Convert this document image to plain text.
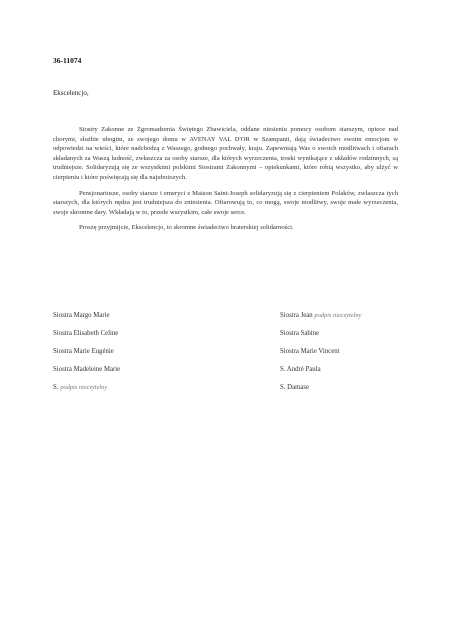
36-11074
Ekscelencjo,

Siostry Zakonne ze Zgromadzenia Świętego Zbawiciela, oddane niesieniu pomocy osobom starszym, opiece nad chorymi, służbie ubogim, ze swojego domu w AVENAY VAL D'OR w Szampanii, dają świadectwo swoim emocjom w odpowiedzi na wieści, które nadchodzą z Waszego, godnego pochwały, kraju. Zapewniają Was o swoich modlitwach i ofiarach składanych za Waszą ludność, zwłaszcza za osoby starsze, dla których wyrzeczenia, troski wynikające z układów rodzinnych, są trudniejsze. Solidaryzują się ze wszystkimi polskimi Siostrami Zakonnymi – opiekunkami, które robią wszystko, aby ulżyć w cierpieniu i które poświęcają się dla najuboższych.

Pensjonariusze, osoby starsze i emeryci z Maison Saint-Joseph solidaryzują się z cierpieniem Polaków, zwłaszcza tych starszych, dla których nędza jest trudniejsza do zniesienia. Ofiarowują to, co mogą, swoje modlitwy, swoje małe wyrzeczenia, swoje skromne dary. Wkładają w to, przede wszystkim, całe swoje serce.

Proszę przyjmijcie, Ekscelencjo, to skromne świadectwo braterskiej solidarności.

Siostra Margo Marie	Siostra Jean podpis nieczytelny
Siostra Elisabeth Celine	Siostra Sabine
Siostra Marie Eugénie	Siostra Marie Vincent
Siostra Madeleine Marie	S. André Paula
S. podpis nieczytelny	S. Damase
